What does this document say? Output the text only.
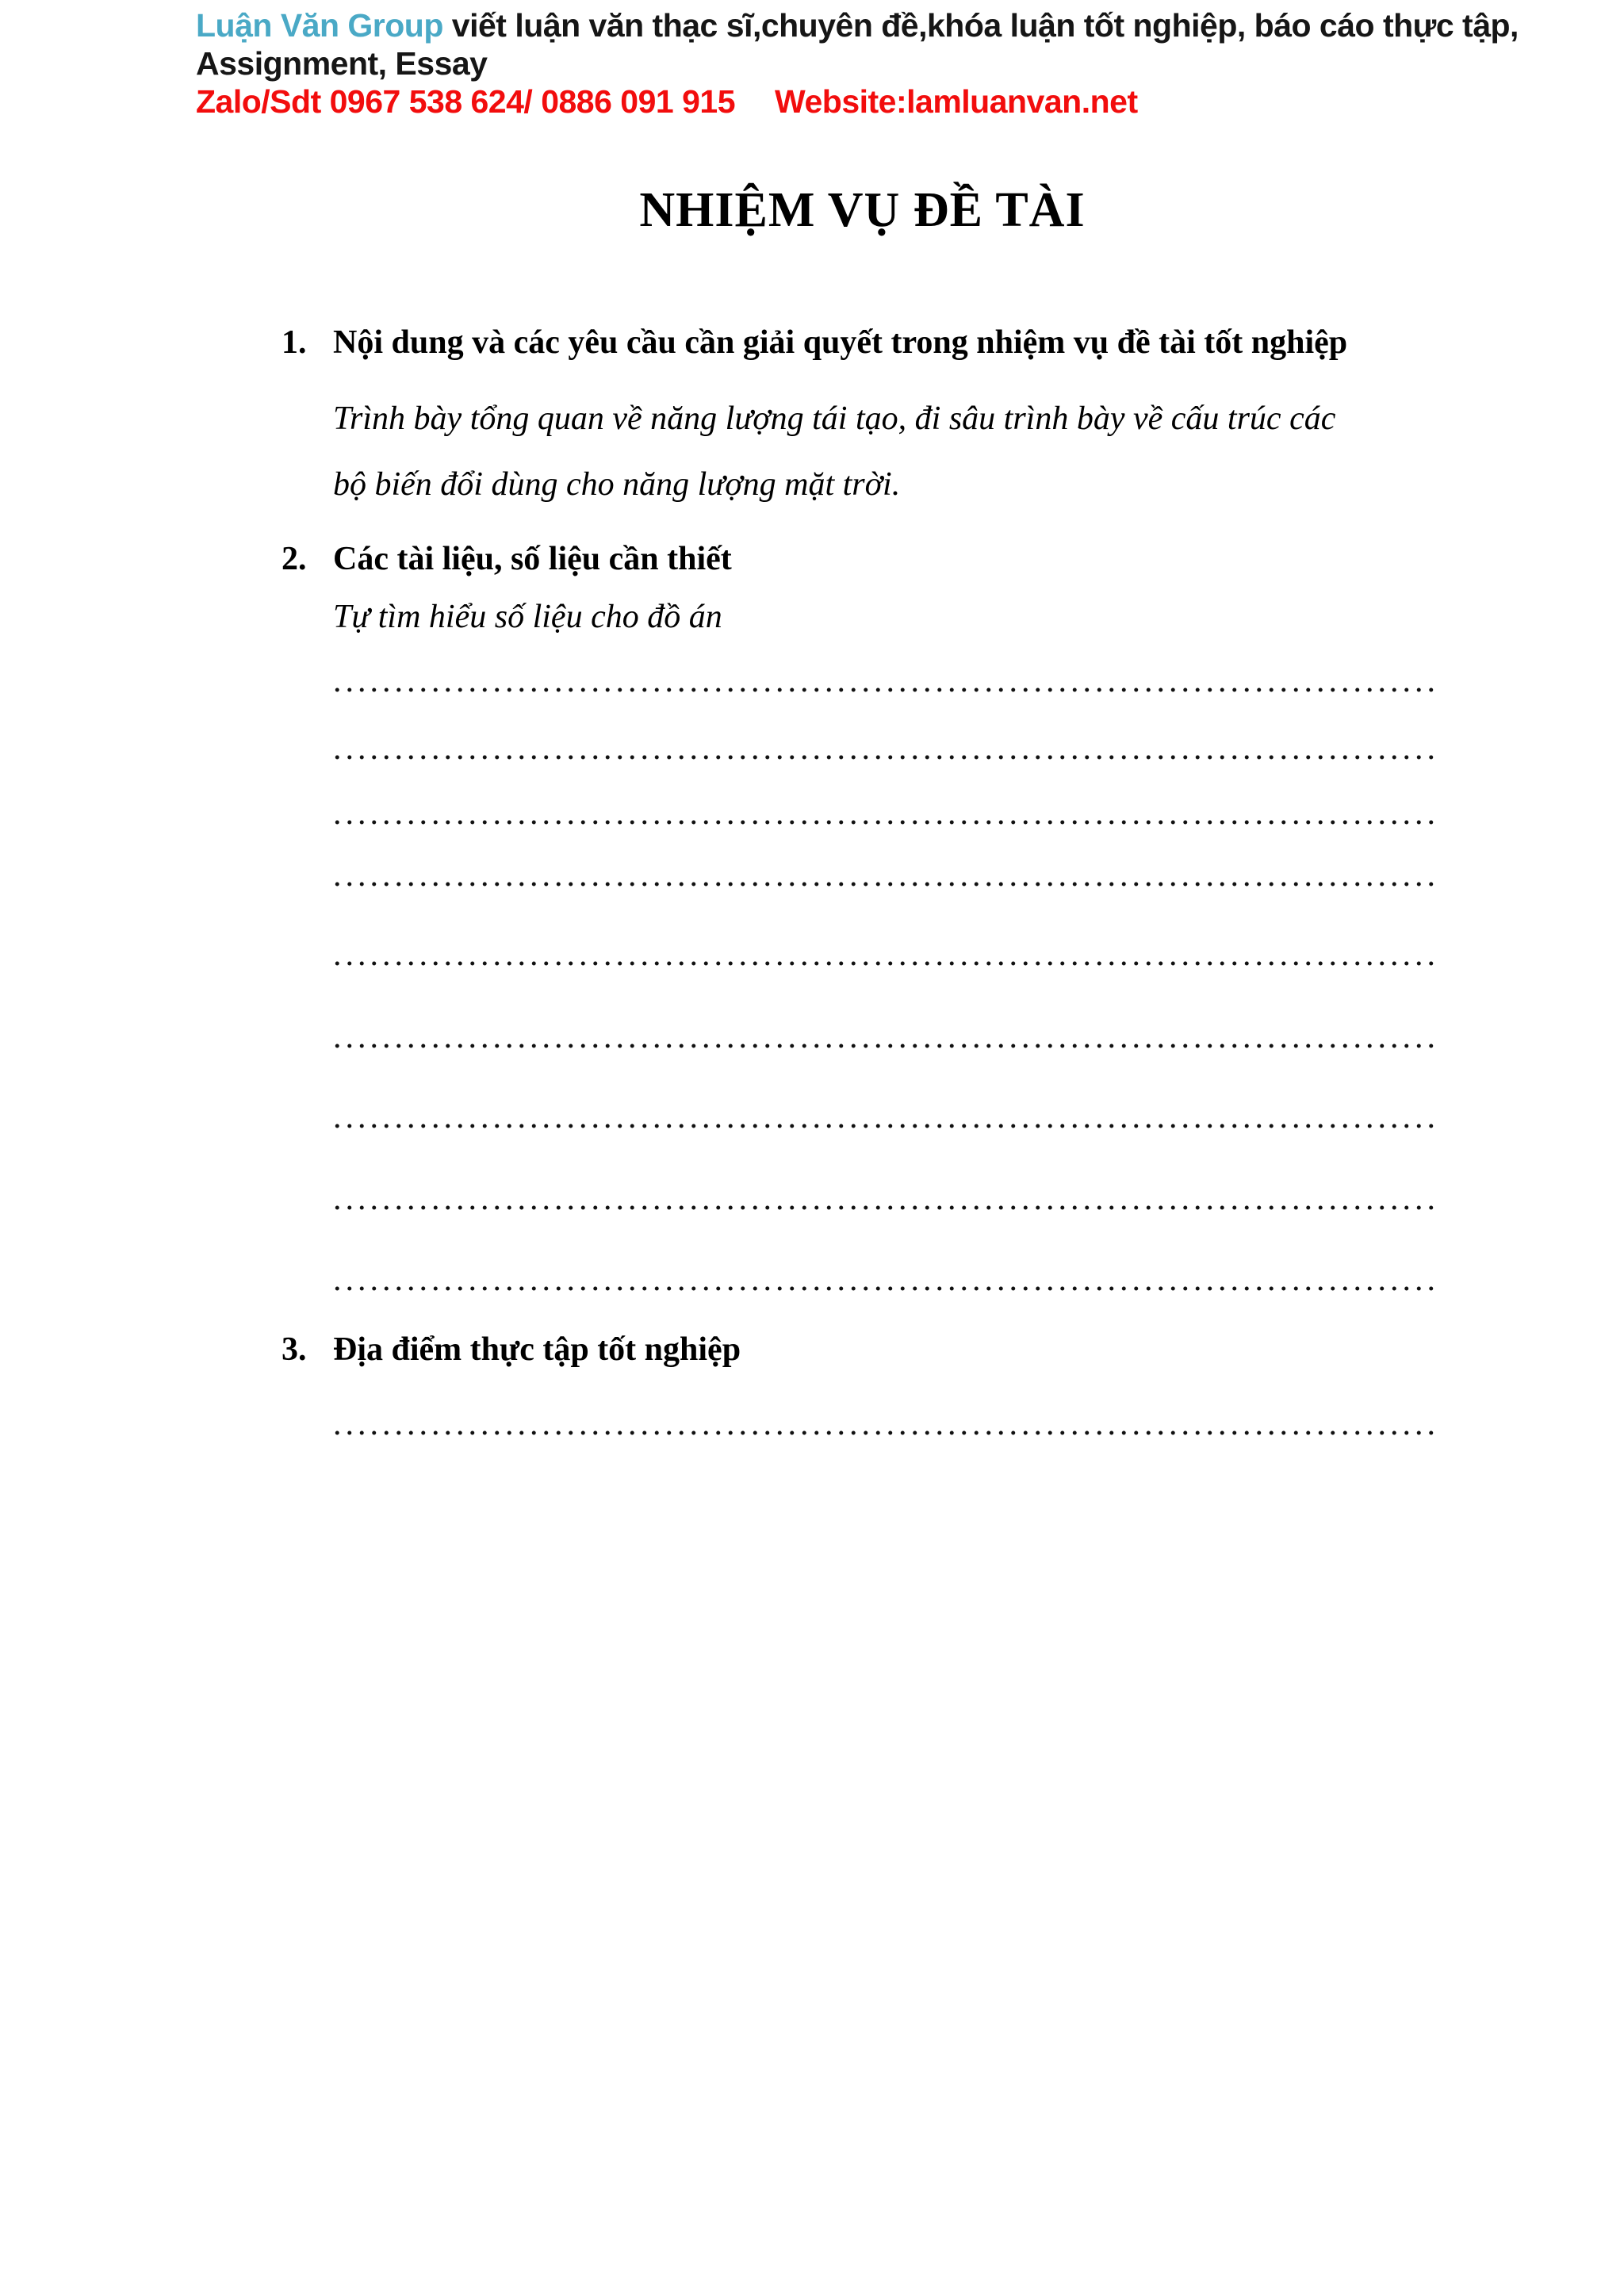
Luận Văn Group viết luận văn thạc sĩ,chuyên đề,khóa luận tốt nghiệp, báo cáo thực tập,
Assignment, Essay
Zalo/Sdt 0967 538 624/ 0886 091 915 Website:lamluanvan.net
NHIỆM VỤ ĐỀ TÀI
1. Nội dung và các yêu cầu cần giải quyết trong nhiệm vụ đề tài tốt nghiệp
Trình bày tổng quan về năng lượng tái tạo, đi sâu trình bày về cấu trúc các
bộ biến đổi dùng cho năng lượng mặt trời.
2. Các tài liệu, số liệu cần thiết
Tự tìm hiểu số liệu cho đồ án
..........................................................................................
..........................................................................................
..........................................................................................
..........................................................................................
..........................................................................................
..........................................................................................
..........................................................................................
..........................................................................................
..........................................................................................
3. Địa điểm thực tập tốt nghiệp
..........................................................................................
